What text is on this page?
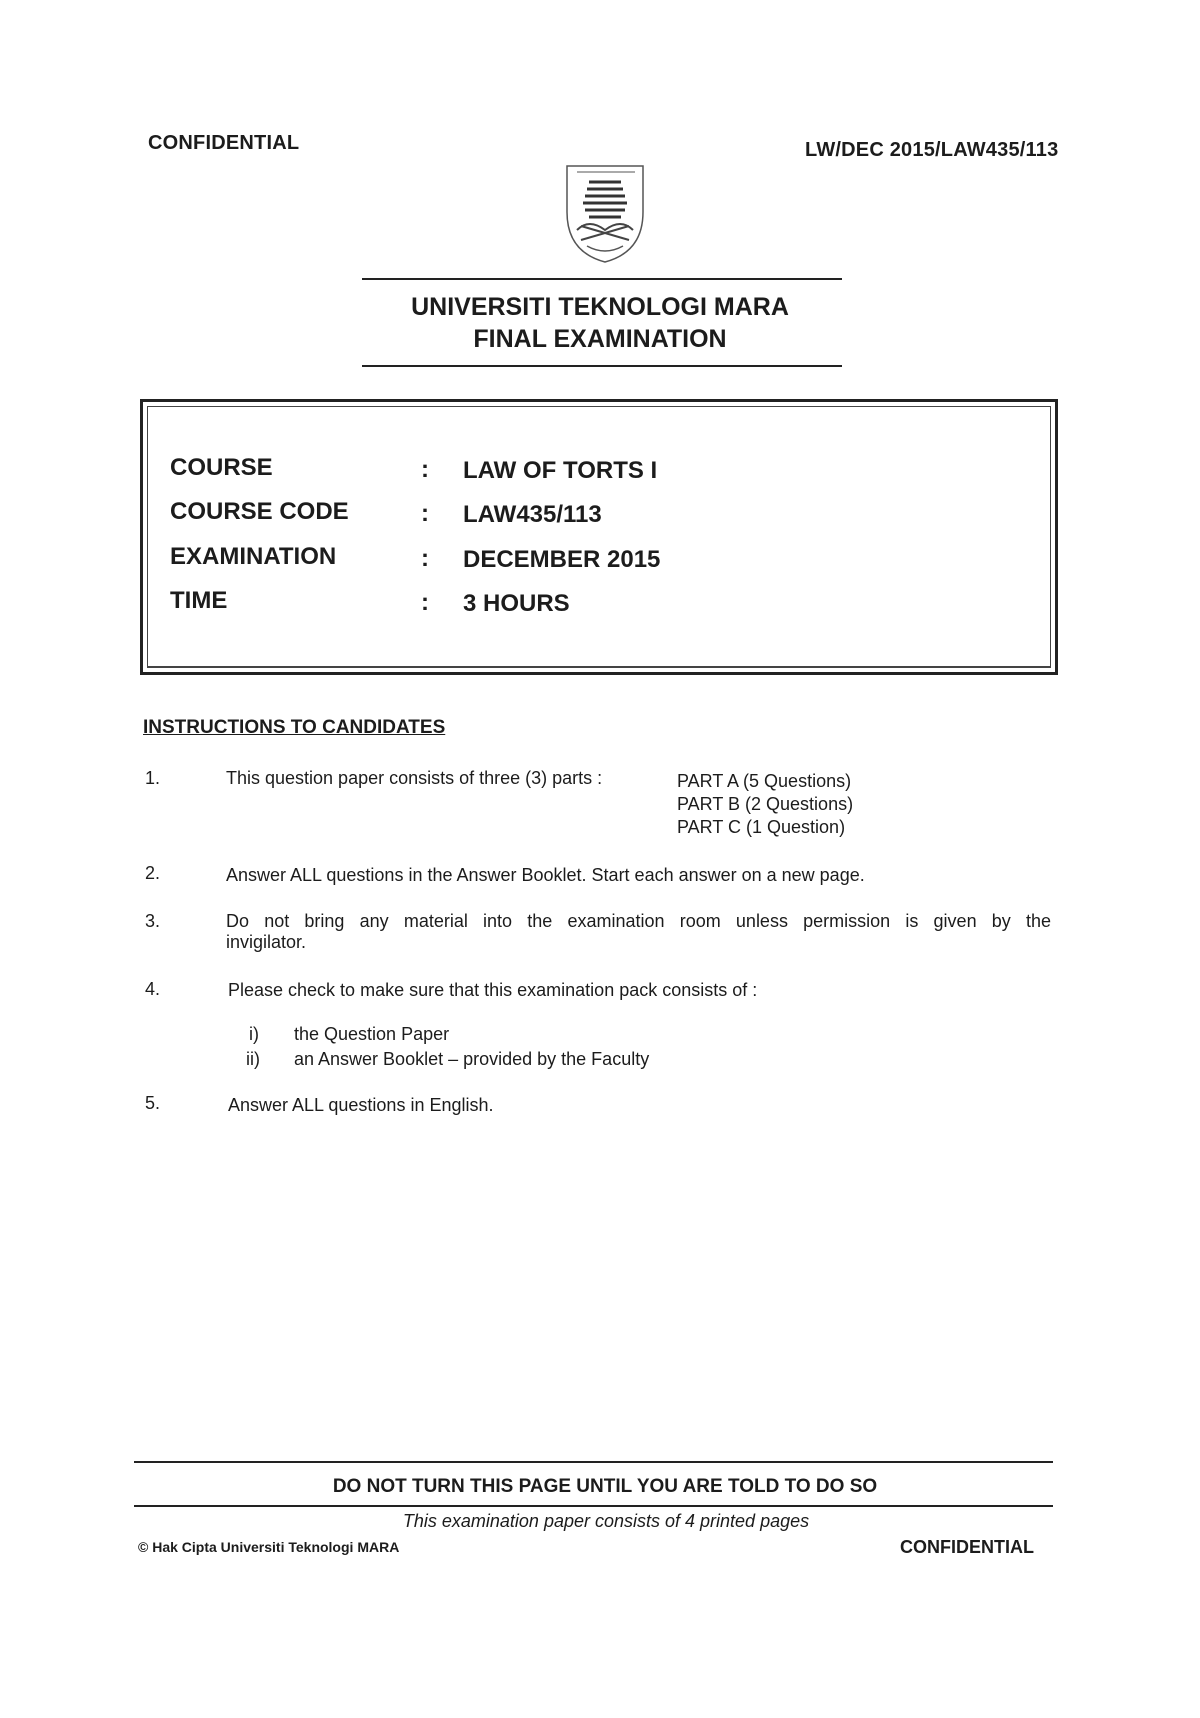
CONFIDENTIAL	LW/DEC 2015/LAW435/113
UNIVERSITI TEKNOLOGI MARA
FINAL EXAMINATION
COURSE	: LAW OF TORTS I
COURSE CODE	: LAW435/113
EXAMINATION	: DECEMBER 2015
TIME	: 3 HOURS
INSTRUCTIONS TO CANDIDATES
1.	This question paper consists of three (3) parts :	PART A (5 Questions)
PART B (2 Questions)
PART C (1 Question)
2.	Answer ALL questions in the Answer Booklet. Start each answer on a new page.
3.	Do not bring any material into the examination room unless permission is given by the
invigilator.
4.	Please check to make sure that this examination pack consists of :
i) the Question Paper
ii) an Answer Booklet – provided by the Faculty
5.	Answer ALL questions in English.
DO NOT TURN THIS PAGE UNTIL YOU ARE TOLD TO DO SO
This examination paper consists of 4 printed pages
© Hak Cipta Universiti Teknologi MARA	CONFIDENTIAL
